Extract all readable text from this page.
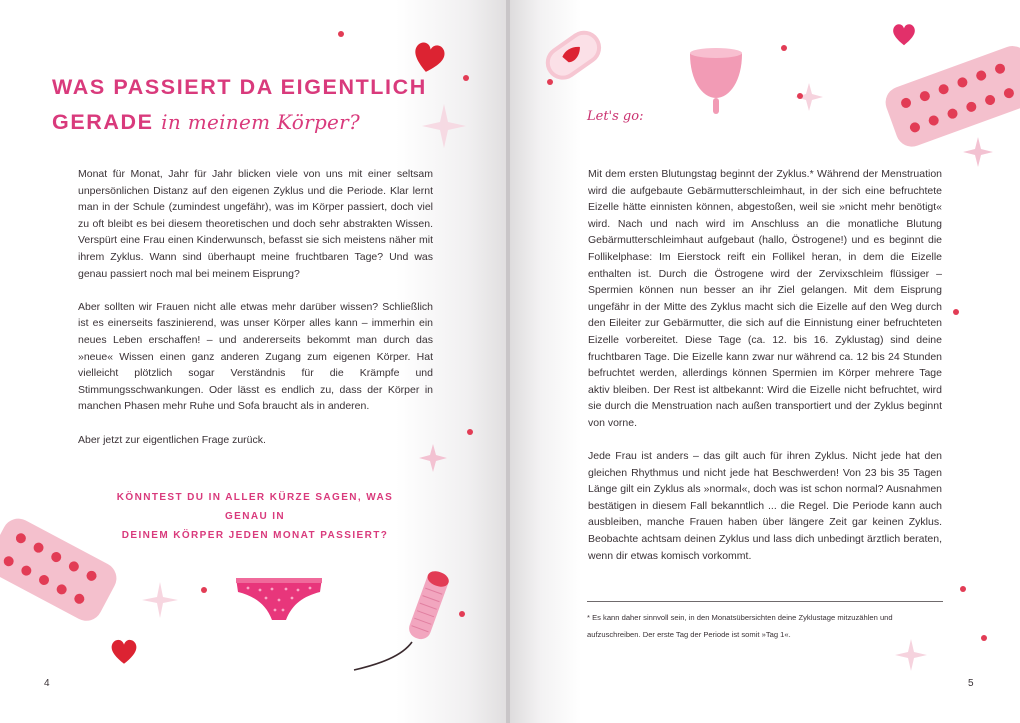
WAS PASSIERT DA EIGENTLICH
GERADE in meinem Körper?

Monat für Monat, Jahr für Jahr blicken viele von uns mit einer seltsam unpersönlichen Distanz auf den eigenen Zyklus und die Periode. Klar lernt man in der Schule (zumindest ungefähr), was im Körper passiert, doch viel zu oft bleibt es bei diesem theoretischen und doch sehr abstrakten Wissen. Verspürt eine Frau einen Kinderwunsch, befasst sie sich meistens näher mit ihrem Zyklus. Wann sind überhaupt meine fruchtbaren Tage? Und was genau passiert noch mal bei meinem Eisprung?

Aber sollten wir Frauen nicht alle etwas mehr darüber wissen? Schließlich ist es einerseits faszinierend, was unser Körper alles kann – immerhin ein neues Leben erschaffen! – und andererseits bekommt man durch das »neue« Wissen einen ganz anderen Zugang zum eigenen Körper. Hat vielleicht plötzlich sogar Verständnis für die Krämpfe und Stimmungsschwankungen. Oder lässt es endlich zu, dass der Körper in manchen Phasen mehr Ruhe und Sofa braucht als in anderen.

Aber jetzt zur eigentlichen Frage zurück.

KÖNNTEST DU IN ALLER KÜRZE SAGEN, WAS GENAU IN
DEINEM KÖRPER JEDEN MONAT PASSIERT?

4
Let's go:

Mit dem ersten Blutungstag beginnt der Zyklus.* Während der Menstruation wird die aufgebaute Gebärmutterschleimhaut, in der sich eine befruchtete Eizelle hätte einnisten können, abgestoßen, weil sie »nicht mehr benötigt« wird. Nach und nach wird im Anschluss an die monatliche Blutung Gebärmutterschleimhaut aufgebaut (hallo, Östrogene!) und es beginnt die Follikelphase: Im Eierstock reift ein Follikel heran, in dem die Eizelle enthalten ist. Durch die Östrogene wird der Zervixschleim flüssiger – Spermien können nun besser an ihr Ziel gelangen. Mit dem Eisprung ungefähr in der Mitte des Zyklus macht sich die Eizelle auf den Weg durch den Eileiter zur Gebärmutter, die sich auf die Einnistung einer befruchteten Eizelle vorbereitet. Diese Tage (ca. 12. bis 16. Zyklustag) sind deine fruchtbaren Tage. Die Eizelle kann zwar nur während ca. 12 bis 24 Stunden befruchtet werden, allerdings können Spermien im Körper mehrere Tage aktiv bleiben. Der Rest ist altbekannt: Wird die Eizelle nicht befruchtet, wird sie durch die Menstruation nach außen transportiert und der Zyklus beginnt von vorne.

Jede Frau ist anders – das gilt auch für ihren Zyklus. Nicht jede hat den gleichen Rhythmus und nicht jede hat Beschwerden! Von 23 bis 35 Tagen Länge gilt ein Zyklus als »normal«, doch was ist schon normal? Ausnahmen bestätigen in diesem Fall bekanntlich ... die Regel. Die Periode kann auch ausbleiben, manche Frauen haben über längere Zeit gar keinen Zyklus. Beobachte achtsam deinen Zyklus und lass dich unbedingt ärztlich beraten, wenn dir etwas komisch vorkommt.

* Es kann daher sinnvoll sein, in den Monatsübersichten deine Zyklustage mitzuzählen und aufzuschreiben. Der erste Tag der Periode ist somit »Tag 1«.

5
